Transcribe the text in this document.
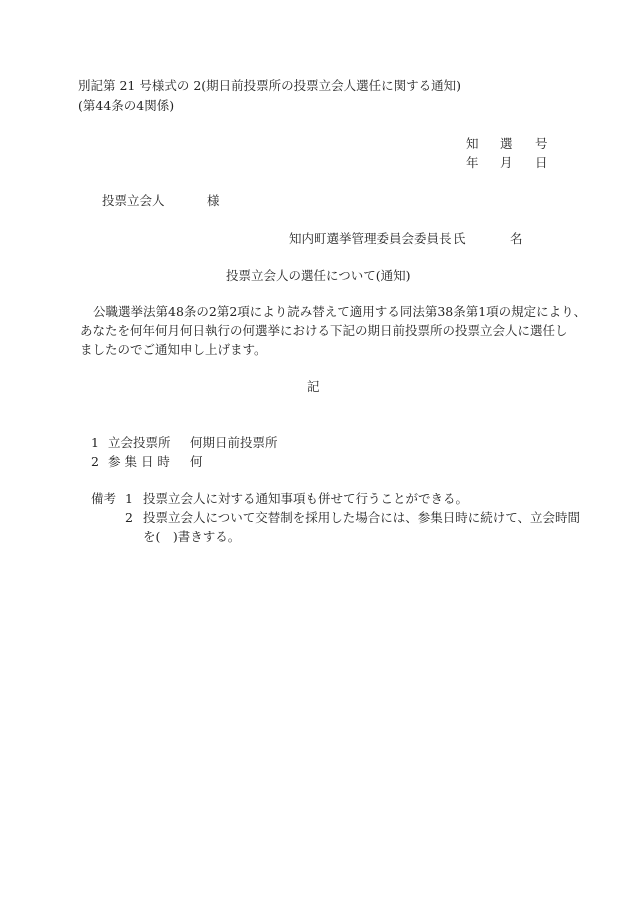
別記第 21 号様式の 2(期日前投票所の投票立会人選任に関する通知)
(第44条の4関係)
知 選 号
年 月 日
投票立会人	様
知内町選挙管理委員会委員長 氏	名
投票立会人の選任について(通知)
公職選挙法第48条の2第2項により読み替えて適用する同法第38条第1項の規定により、
あなたを何年何月何日執行の何選挙における下記の期日前投票所の投票立会人に選任し
ましたのでご通知申し上げます。
記
1 立会投票所 何期日前投票所
2 参 集 日 時 何
備考 1 投票立会人に対する通知事項も併せて行うことができる。
2 投票立会人について交替制を採用した場合には、参集日時に続けて、立会時間
を(　)書きする。
